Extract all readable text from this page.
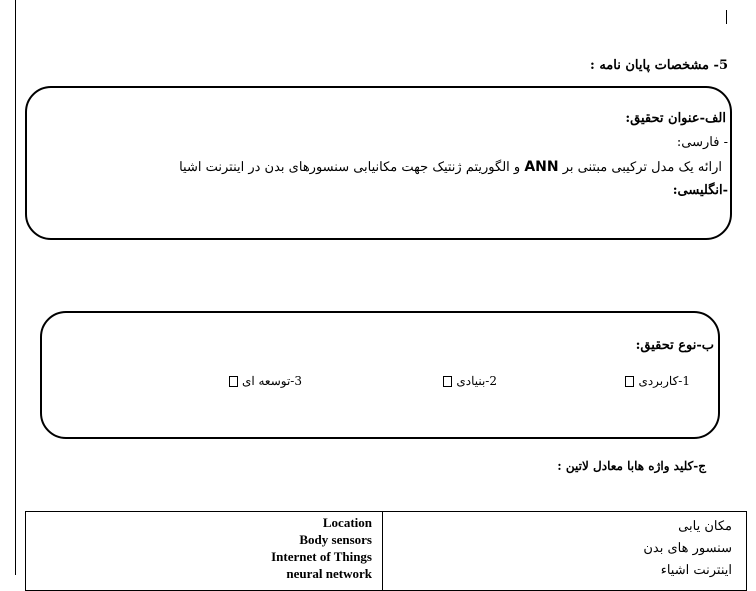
5- مشخصات پایان نامه :
الف-عنوان تحقیق:
- فارسی:
ارائه یک مدل ترکیبی مبتنی بر ANN و الگوریتم ژنتیک جهت مکانیابی سنسورهای بدن در اینترنت اشیا
-انگلیسی:
ب-نوع تحقیق:
1-کاربردی
2-بنیادی
3-توسعه ای
ج-کلید واژه هابا معادل لاتین :
Location
Body sensors
Internet of Things
neural network
مکان یابی
سنسور های بدن
اینترنت اشیاء
